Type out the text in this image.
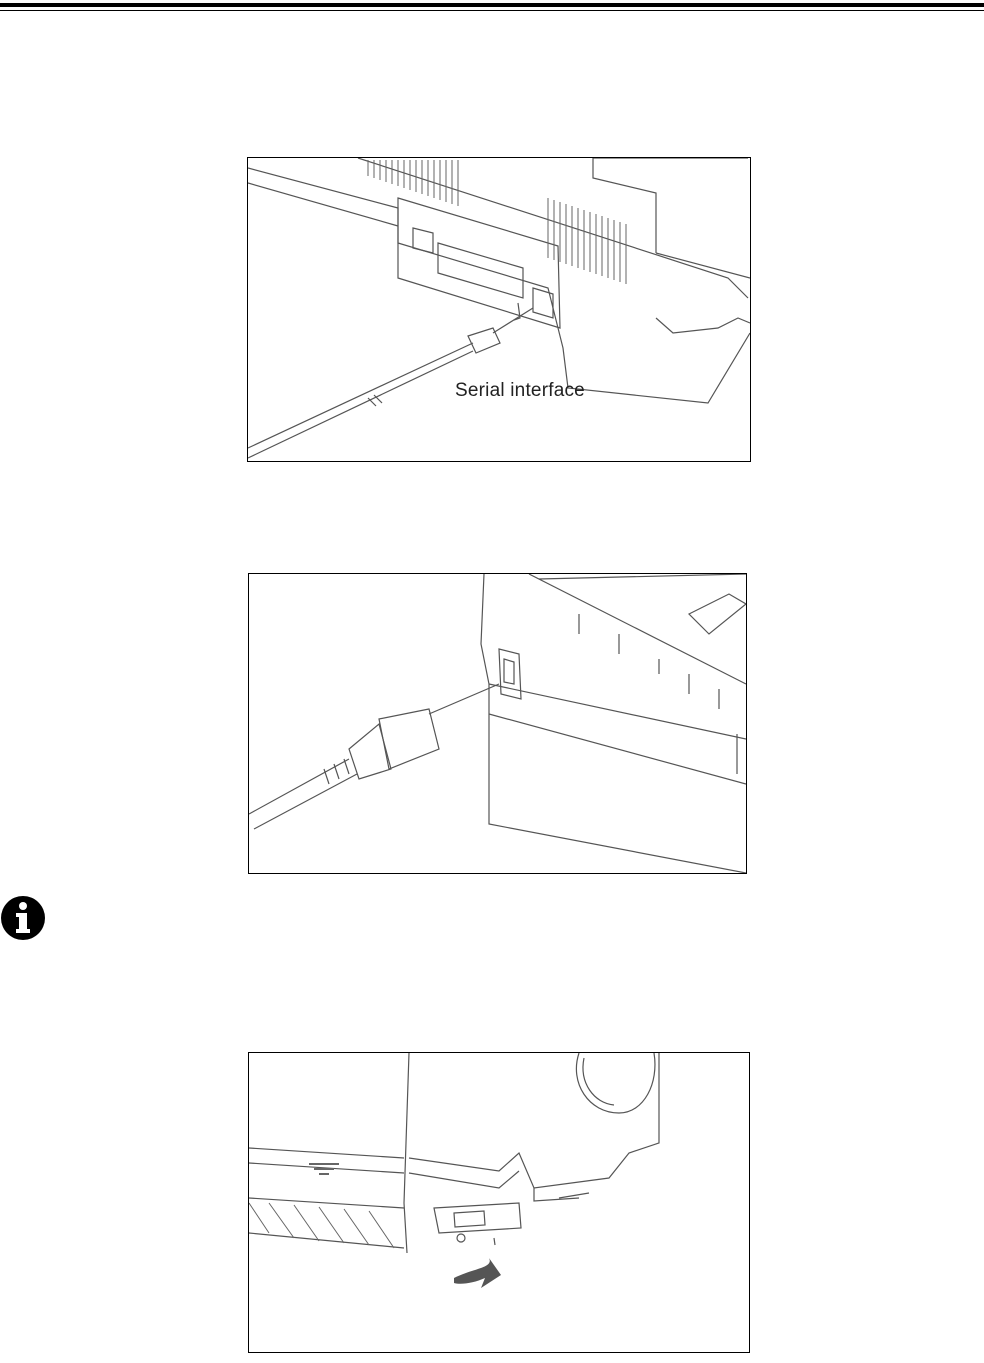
Serial interface
